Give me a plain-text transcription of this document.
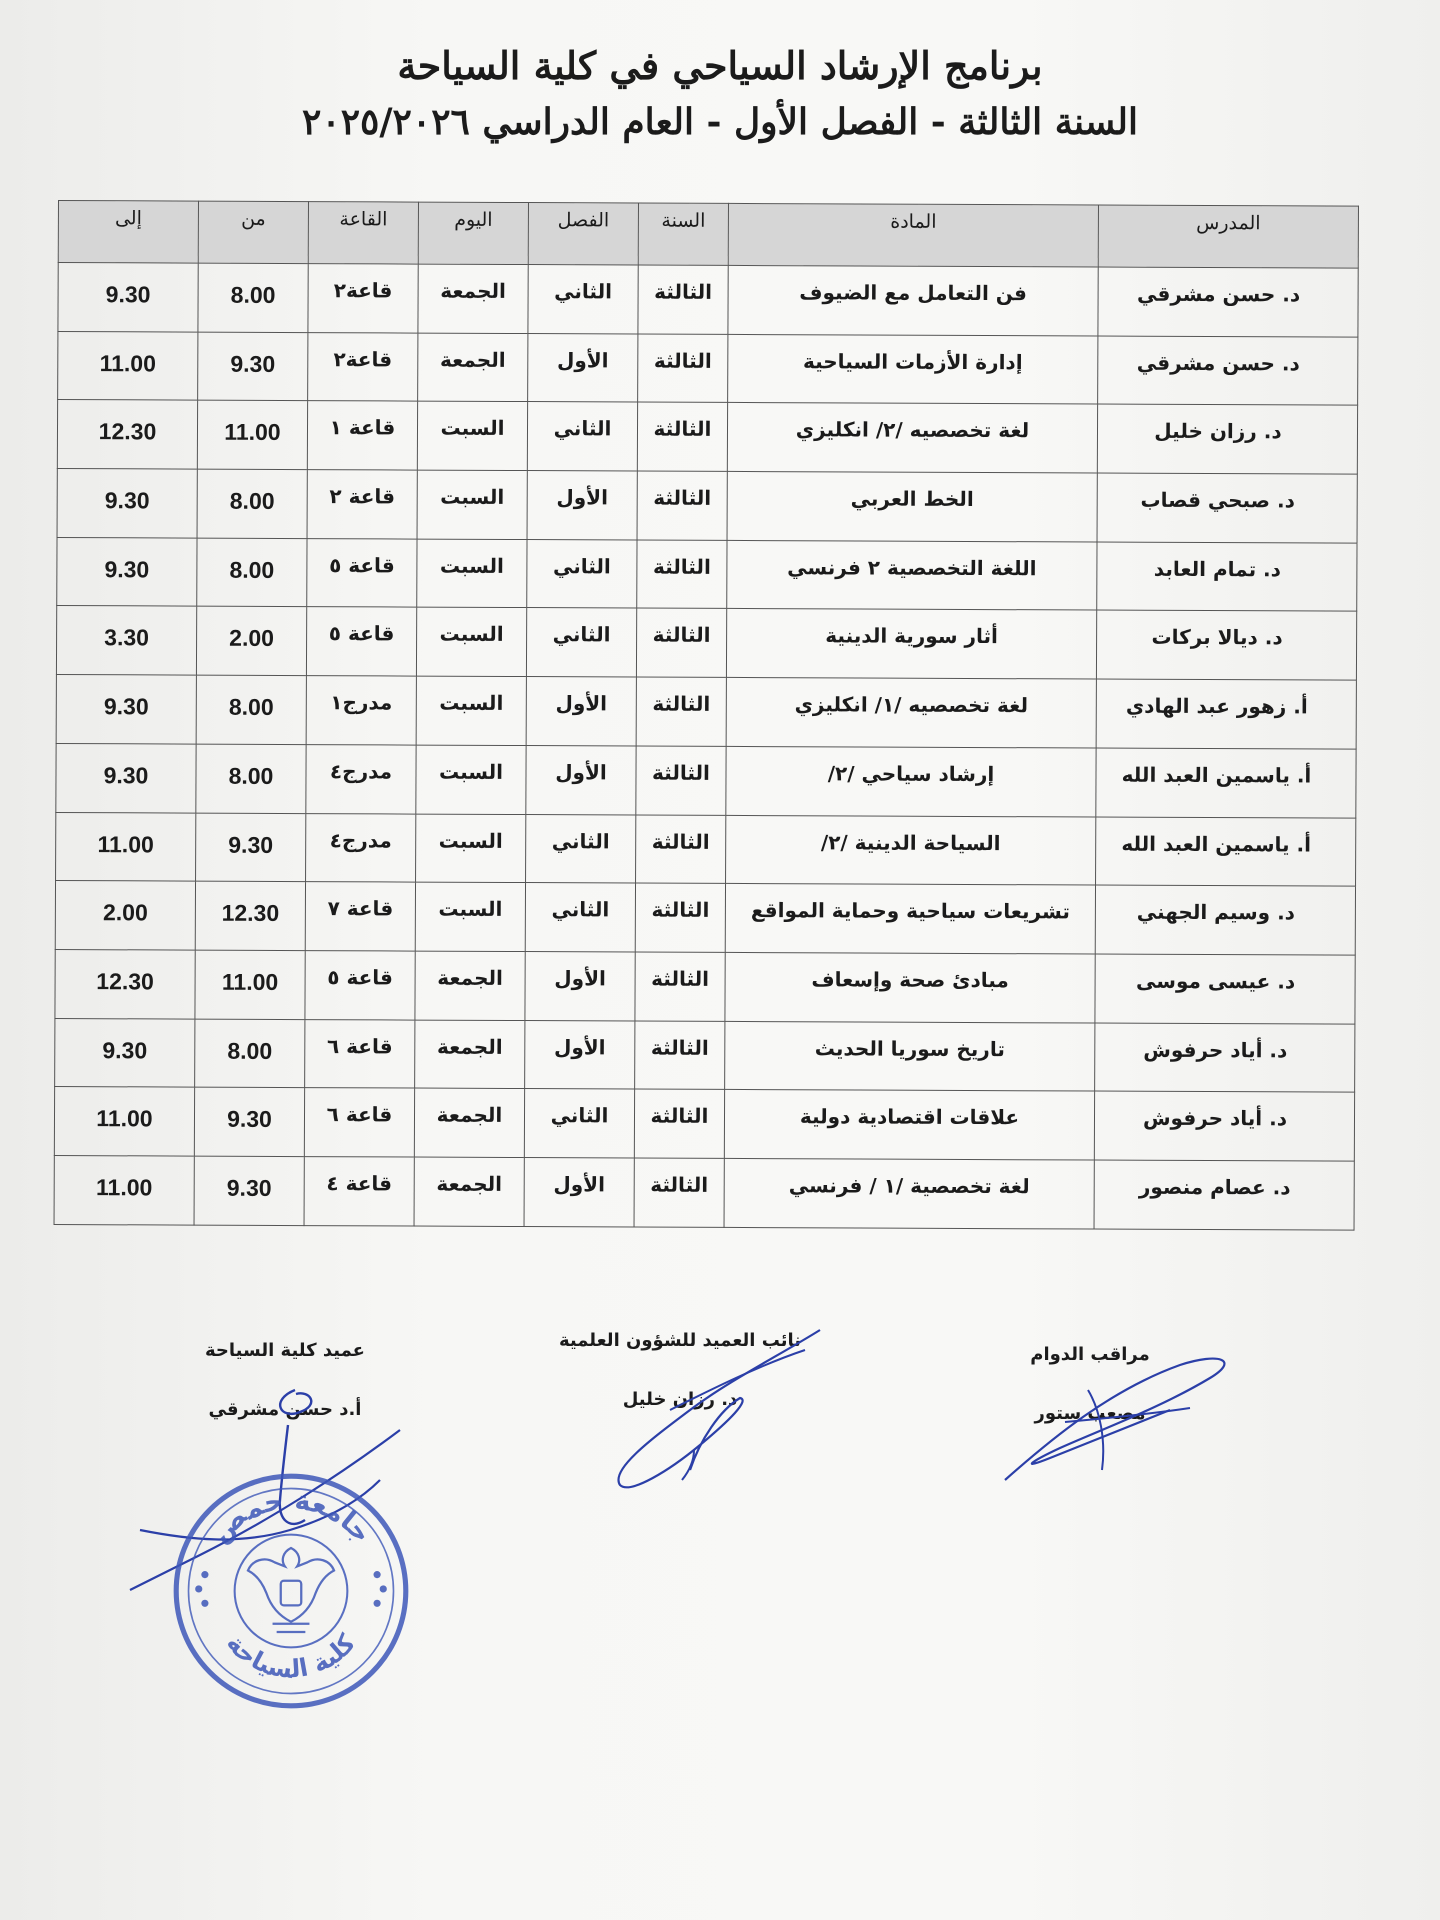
برنامج الإرشاد السياحي في كلية السياحة
السنة الثالثة - الفصل الأول - العام الدراسي ٢٠٢٥/٢٠٢٦
المدرس	المادة	السنة	الفصل	اليوم	القاعة	من	إلى
د. حسن مشرقي	فن التعامل مع الضيوف	الثالثة	الثاني	الجمعة	قاعة٢	8.00	9.30
د. حسن مشرقي	إدارة الأزمات السياحية	الثالثة	الأول	الجمعة	قاعة٢	9.30	11.00
د. رزان خليل	لغة تخصصيه /٢/ انكليزي	الثالثة	الثاني	السبت	قاعة ١	11.00	12.30
د. صبحي قصاب	الخط العربي	الثالثة	الأول	السبت	قاعة ٢	8.00	9.30
د. تمام العابد	اللغة التخصصية ٢ فرنسي	الثالثة	الثاني	السبت	قاعة ٥	8.00	9.30
د. ديالا بركات	أثار سورية الدينية	الثالثة	الثاني	السبت	قاعة ٥	2.00	3.30
أ. زهور عبد الهادي	لغة تخصصيه /١/ انكليزي	الثالثة	الأول	السبت	مدرج١	8.00	9.30
أ. ياسمين العبد الله	إرشاد سياحي /٢/	الثالثة	الأول	السبت	مدرج٤	8.00	9.30
أ. ياسمين العبد الله	السياحة الدينية /٢/	الثالثة	الثاني	السبت	مدرج٤	9.30	11.00
د. وسيم الجهني	تشريعات سياحية وحماية المواقع	الثالثة	الثاني	السبت	قاعة ٧	12.30	2.00
د. عيسى موسى	مبادئ صحة وإسعاف	الثالثة	الأول	الجمعة	قاعة ٥	11.00	12.30
د. أياد حرفوش	تاريخ سوريا الحديث	الثالثة	الأول	الجمعة	قاعة ٦	8.00	9.30
د. أياد حرفوش	علاقات اقتصادية دولية	الثالثة	الثاني	الجمعة	قاعة ٦	9.30	11.00
د. عصام منصور	لغة تخصصية /١ / فرنسي	الثالثة	الأول	الجمعة	قاعة ٤	9.30	11.00
مراقب الدوام
مصعب ستور
نائب العميد للشؤون العلمية
د. رزان خليل
عميد كلية السياحة
أ.د حسن مشرقي
جامعة حمص
كلية السياحة
